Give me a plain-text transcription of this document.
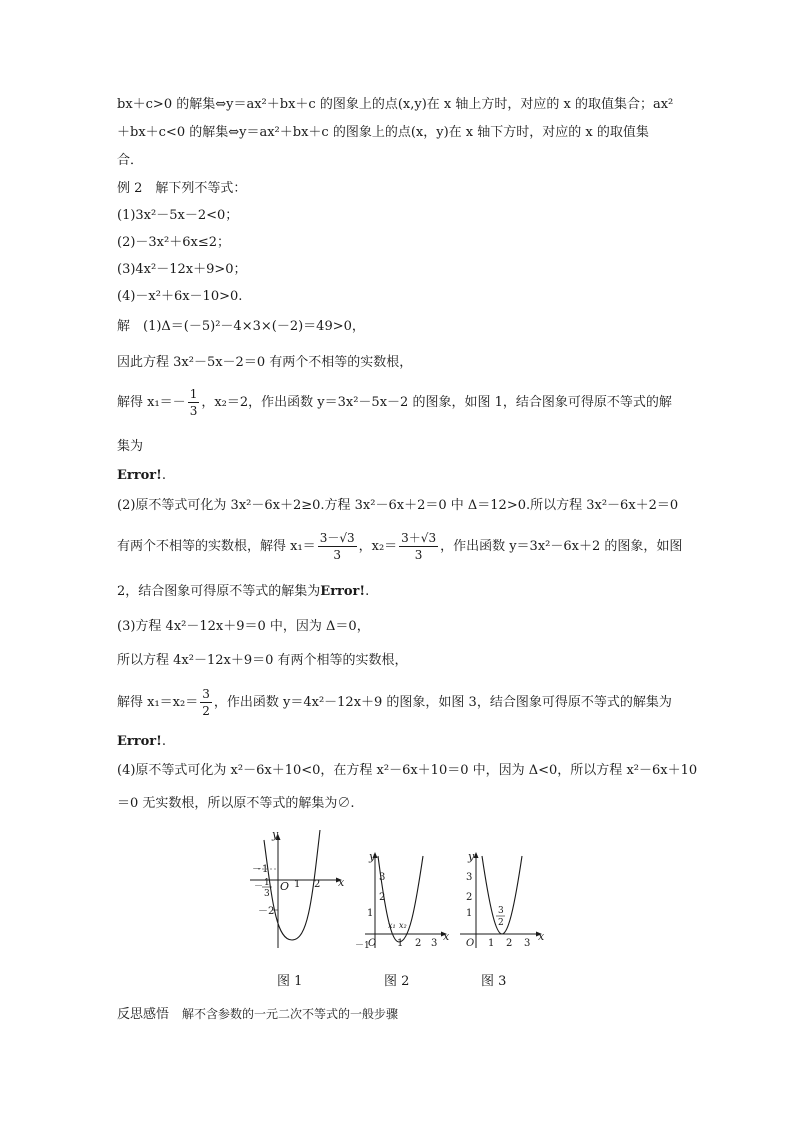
bx＋c>0 的解集⇔y＝ax²＋bx＋c 的图象上的点(x,y)在 x 轴上方时，对应的 x 的取值集合；ax²
＋bx＋c<0 的解集⇔y＝ax²＋bx＋c 的图象上的点(x，y)在 x 轴下方时，对应的 x 的取值集
合．
例 2　解下列不等式：
(1)3x²－5x－2<0；
(2)－3x²＋6x≤2；
(3)4x²－12x＋9>0；
(4)－x²＋6x－10>0.
解　(1)Δ＝(－5)²－4×3×(－2)＝49>0，
因此方程 3x²－5x－2＝0 有两个不相等的实数根，
解得 $x_1=- \frac{1}{3}$ ，x₂＝2，作出函数 y＝3x²－5x－2 的图象，如图 1，结合图象可得原不等式的解
集为
Error!.
(2)原不等式可化为 3x²－6x＋2≥0.方程 3x²－6x＋2＝0 中 Δ＝12>0.所以方程 3x²－6x＋2＝0
有两个不相等的实数根，解得 $x_1= \frac{3-√3}{3}$ ，$x_2= \frac{3+√3}{3}$ ，作出函数 y＝3x²－6x＋2 的图象，如图
2，结合图象可得原不等式的解集为Error!.
(3)方程 4x²－12x＋9＝0 中，因为 Δ＝0，
所以方程 4x²－12x＋9＝0 有两个相等的实数根，
解得 $x_1=x_2= \frac{3}{2}$ ，作出函数 y＝4x²－12x＋9 的图象，如图 3，结合图象可得原不等式的解集为
Error!.
(4)原不等式可化为 x²－6x＋10<0，在方程 x²－6x＋10＝0 中，因为 Δ<0，所以方程 x²－6x＋10
＝0 无实数根，所以原不等式的解集为∅.
y
x
O
－1
－ 1
3
－2
1 2
y
x
O
3
2
1
－1
x₁ x₂
1 2 3
y
x
O
3
2
1	3
2
1 2 3
图 1	图 2	图 3
反思感悟　 解不含参数的一元二次不等式的一般步骤
